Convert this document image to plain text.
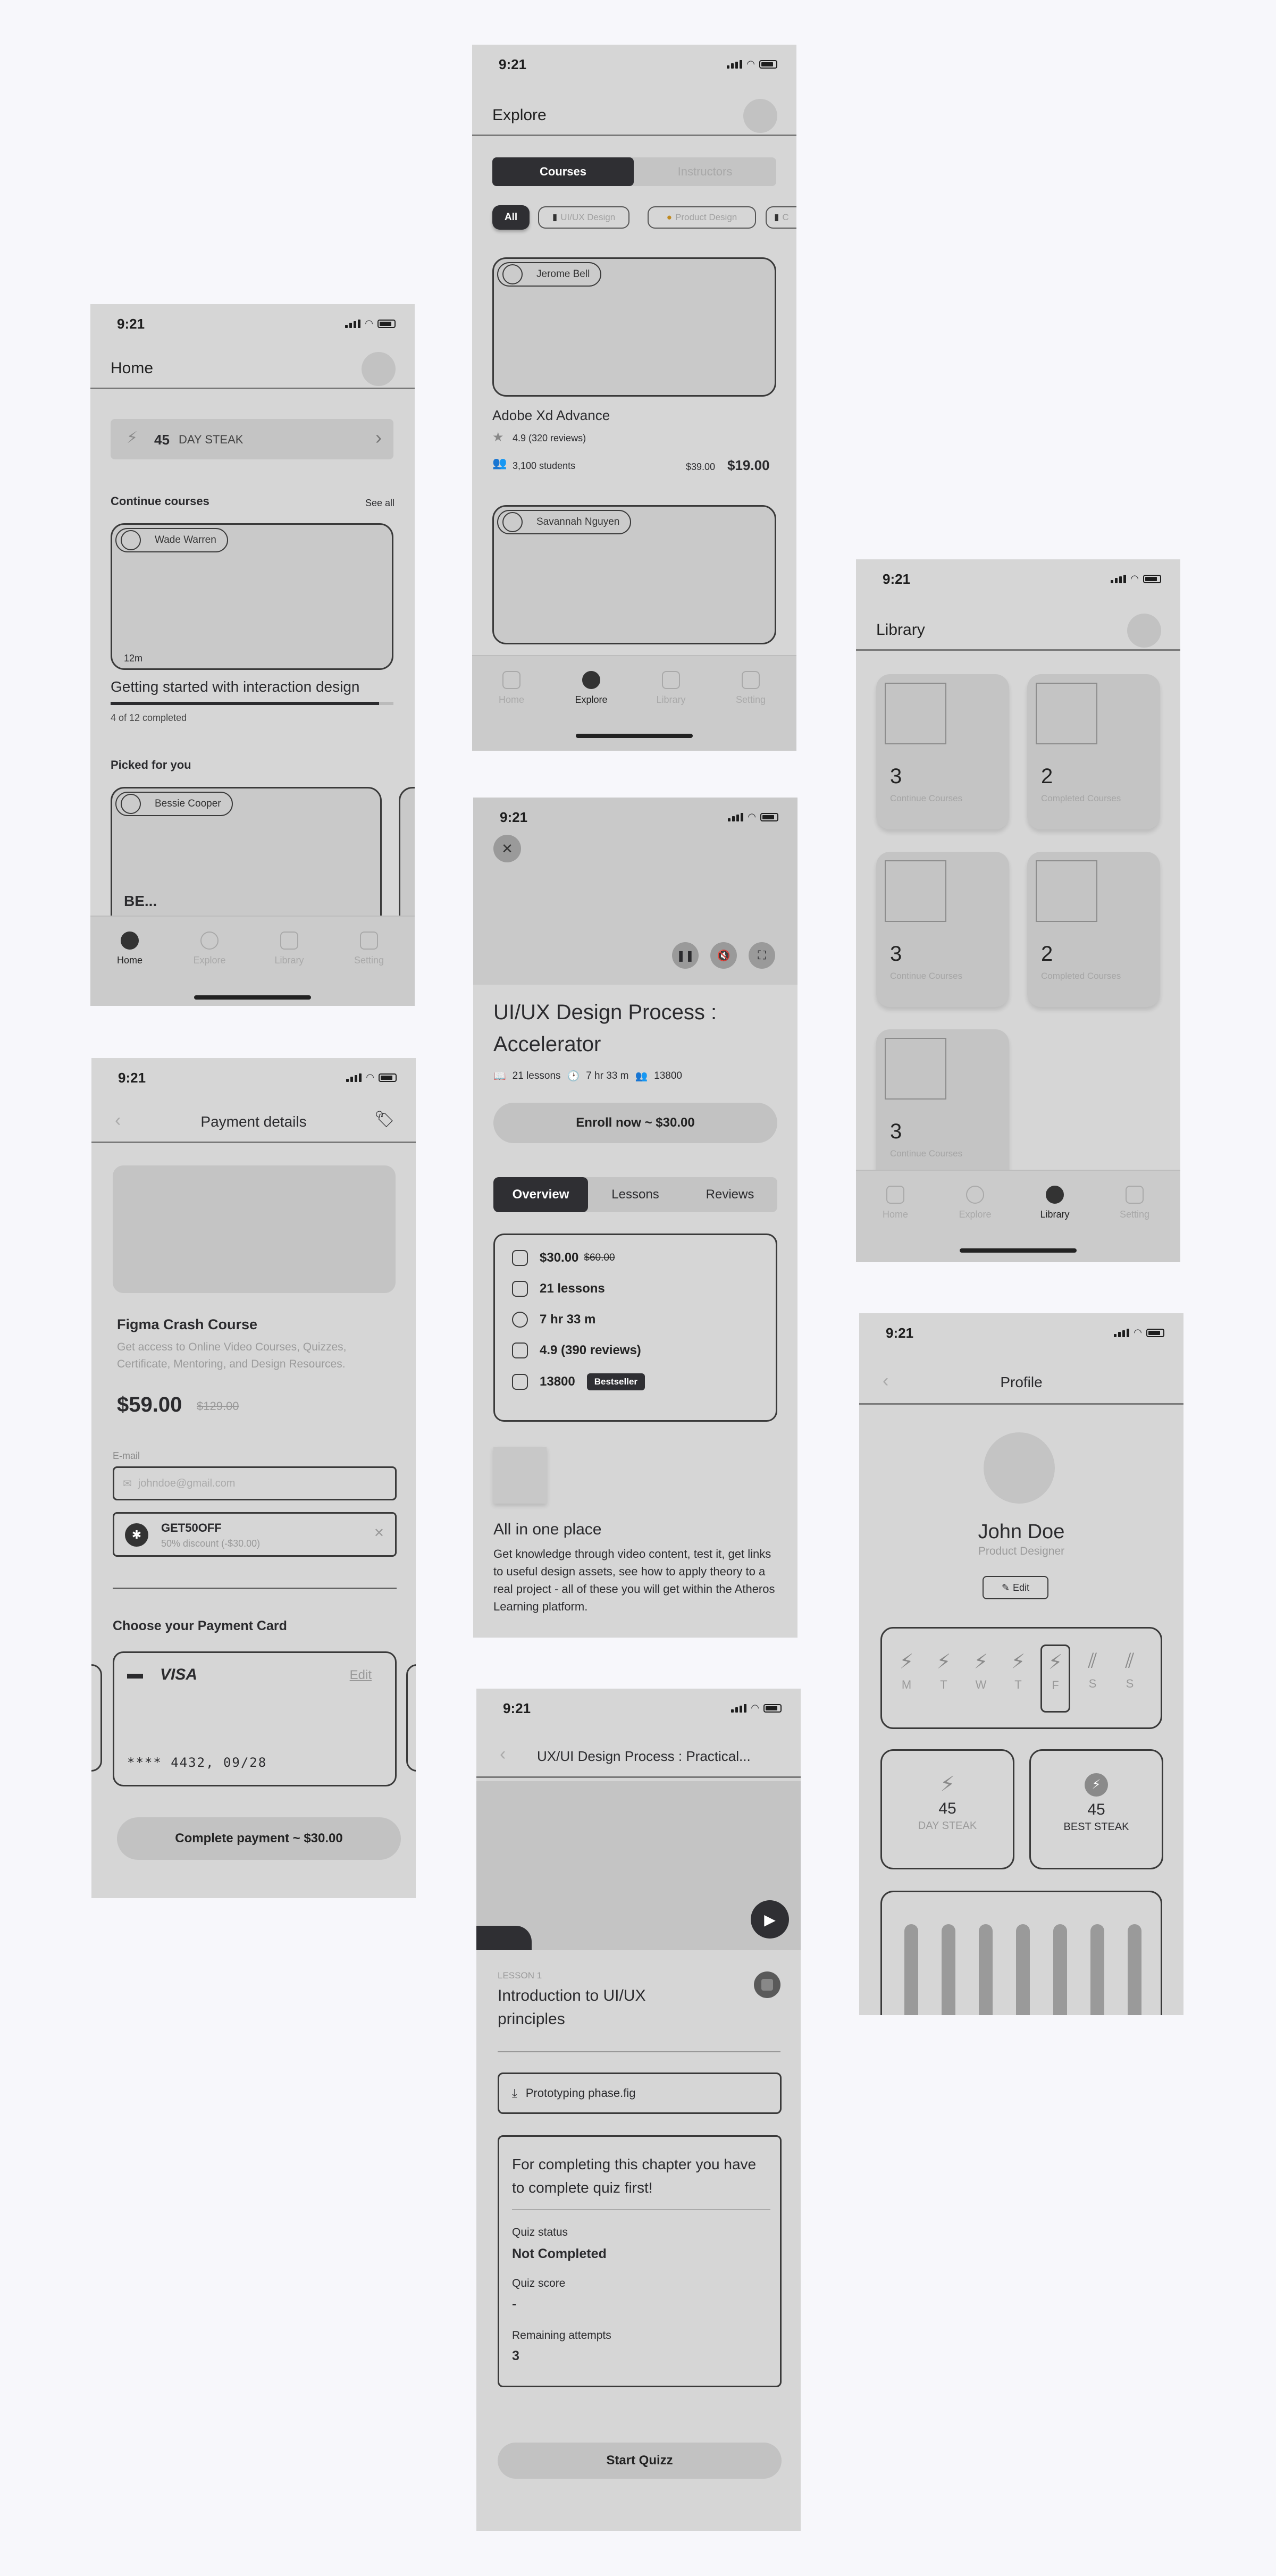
9:21	◠
Home
⚡ 45 DAY STEAK	›
Continue courses	See all
Wade Warren
12m
Getting started with interaction design
4 of 12 completed
Picked for you
Bessie Cooper
BE...
Home	Explore	Library	Setting
9:21	◠
Explore
Courses	Instructors
All	▮ UI/UX Design	● Product Design	▮ C
Jerome Bell
Adobe Xd Advance
★ 4.9 (320 reviews)
👥 3,100 students	$39.00 $19.00
Savannah Nguyen
Home	Explore	Library	Setting
9:21	◠
Library
3
Continue Courses
2
Completed Courses
3
Continue Courses
2
Completed Courses
3
Continue Courses
Home	Explore	Library	Setting
9:21	◠
✕
❚❚	🔇	⛶
UI/UX Design Process :
Accelerator
📖 21 lessons 🕑 7 hr 33 m 👥 13800
Enroll now ~ $30.00
Overview	Lessons	Reviews
$30.00 $60.00
21 lessons
7 hr 33 m
4.9 (390 reviews)
13800	Bestseller
All in one place
Get knowledge through video content, test it, get links to useful design assets, see how to apply theory to a real project - all of these you will get within the Atheros Learning platform.
9:21	◠
‹	Payment details	🏷
Figma Crash Course
Get access to Online Video Courses, Quizzes, Certificate, Mentoring, and Design Resources.
$59.00 $129.00
E-mail
✉ johndoe@gmail.com
✱
GET50OFF
50% discount (-$30.00)
✕
Choose your Payment Card
▬ VISA	Edit
**** 4432, 09/28
Complete payment ~ $30.00
9:21	◠
‹	Profile
John Doe
Product Designer
✎ Edit
⚡
M
⚡
T
⚡
W
⚡
T
⚡
F
⫽
S
⫽
S
⚡
45
DAY STEAK
⚡
45
BEST STEAK
9:21	◠
‹ UX/UI Design Process : Practical...
▶
LESSON 1
Introduction to UI/UX
principles
⤓ Prototyping phase.fig
For completing this chapter you have to complete quiz first!
Quiz status
Not Completed
Quiz score
-
Remaining attempts
3
Start Quizz
